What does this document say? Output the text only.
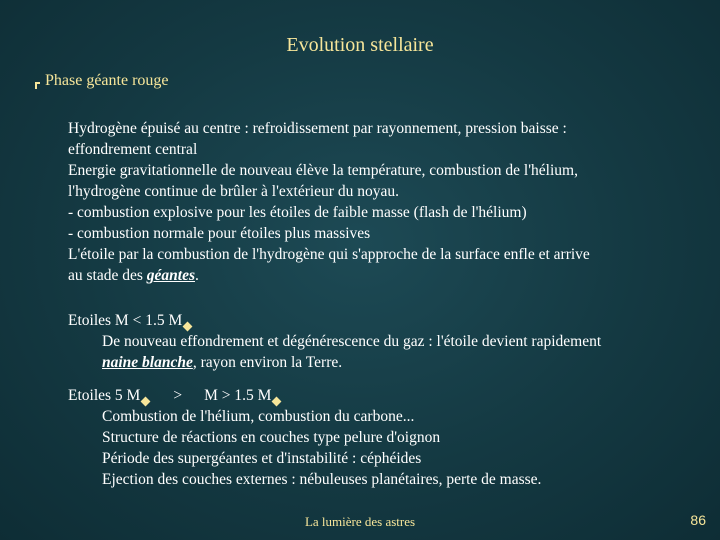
Evolution stellaire
Phase géante rouge
Hydrogène épuisé au centre : refroidissement par rayonnement, pression baisse :
effondrement central
Energie gravitationnelle de nouveau élève la température, combustion de l'hélium,
l'hydrogène continue de brûler à l'extérieur du noyau.
- combustion explosive pour les étoiles de faible masse (flash de l'hélium)
- combustion normale pour étoiles plus massives
L'étoile par la combustion de l'hydrogène qui s'approche de la surface enfle et arrive
au stade des géantes.
Etoiles M < 1.5 M
De nouveau effondrement et dégénérescence du gaz : l'étoile devient rapidement
naine blanche, rayon environ la Terre.
Etoiles 5 M > M > 1.5 M
Combustion de l'hélium, combustion du carbone...
Structure de réactions en couches type pelure d'oignon
Période des supergéantes et d'instabilité : céphéides
Ejection des couches externes : nébuleuses planétaires, perte de masse.
La lumière des astres	86
